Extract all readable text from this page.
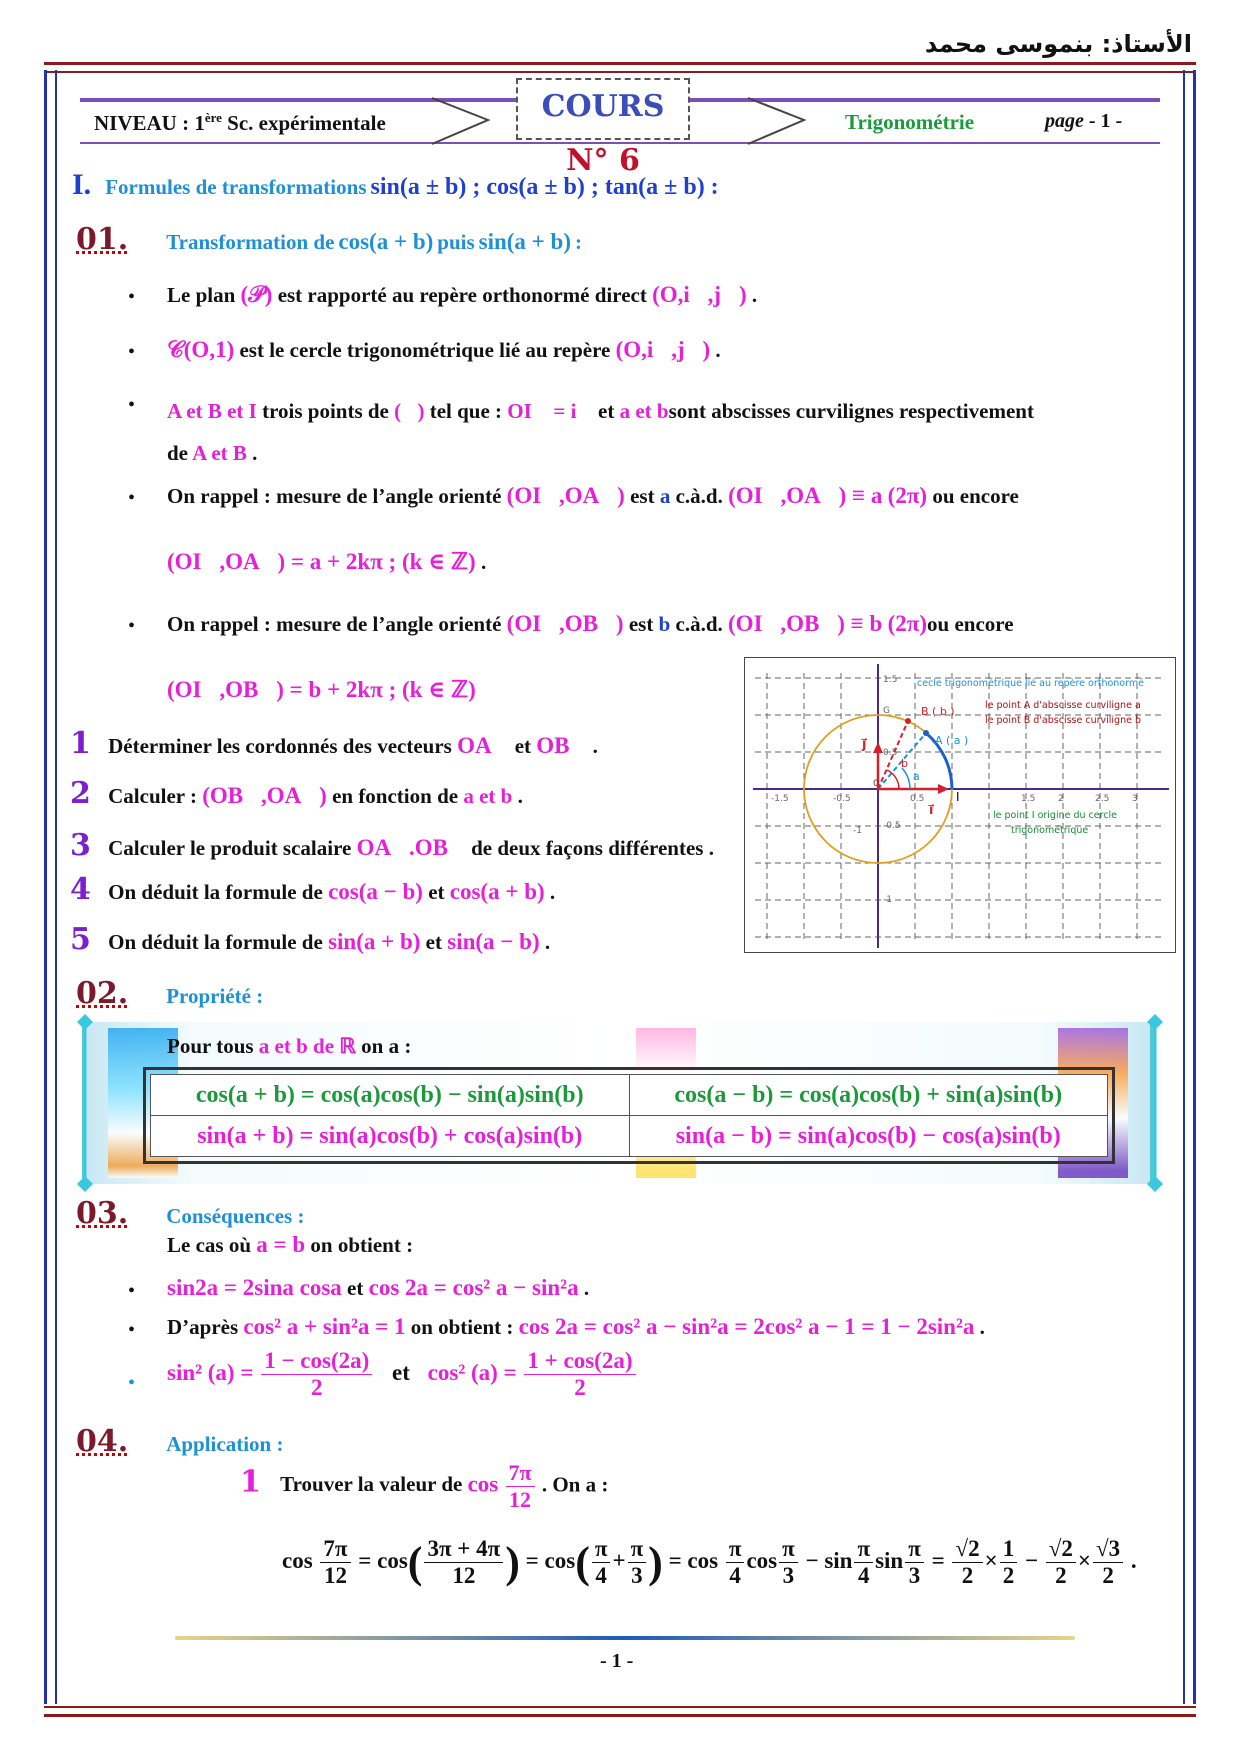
الأستاذ: بنموسى محمد
NIVEAU : 1ère Sc. expérimentale	COURS N° 6
Trigonométrie	page - 1 -
I. Formules de transformations sin(a ± b) ; cos(a ± b) ; tan(a ± b) :
01. Transformation de cos(a + b) puis sin(a + b) :
• Le plan (𝒫) est rapporté au repère orthonormé direct (O,i⃗,j⃗) .
• 𝒞(O,1) est le cercle trigonométrique lié au repère (O,i⃗,j⃗) .
• A et B et I trois points de (𝒫) tel que : OI⃗ = i⃗ et a et bsont abscisses curvilignes respectivement
de A et B .
• On rappel : mesure de l’angle orienté (OI⃗,OA⃗) est a c.à.d. (OI⃗,OA⃗) ≡ a (2π) ou encore
(OI⃗,OA⃗) = a + 2kπ ; (k ∈ ℤ) .
• On rappel : mesure de l’angle orienté (OI⃗,OB⃗) est b c.à.d. (OI⃗,OB⃗) ≡ b (2π)ou encore
(OI⃗,OB⃗) = b + 2kπ ; (k ∈ ℤ)
1 Déterminer les cordonnés des vecteurs OA⃗ et OB⃗ .
2 Calculer : (OB⃗,OA⃗) en fonction de a et b .
3 Calculer le produit scalaire OA⃗.OB⃗ de deux façons différentes .
4 On déduit la formule de cos(a − b) et cos(a + b) .
5 On déduit la formule de sin(a + b) et sin(a − b) .
-1
-1.5	-0.5	0.5	1.5	2	2.5	3
1.5
0.5
-0.5
-1
G
0
I
B ( b )
A ( a )
a
b
i⃗
j⃗
cecle trigonométrique lié au repère orthonormé
le point A d'abscisse curviligne a
le point B d'abscisse curviligne b
le point I origine du cercle
trigonométrique
02. Propriété :
Pour tous a et b de ℝ on a :
cos(a + b) = cos(a)cos(b) − sin(a)sin(b)	cos(a − b) = cos(a)cos(b) + sin(a)sin(b)
sin(a + b) = sin(a)cos(b) + cos(a)sin(b)	sin(a − b) = sin(a)cos(b) − cos(a)sin(b)
03. Conséquences :
Le cas où a = b on obtient :
• sin2a = 2sina cosa et cos 2a = cos² a − sin²a .
• D’après cos² a + sin²a = 1 on obtient : cos 2a = cos² a − sin²a = 2cos² a − 1 = 1 − 2sin²a .
• sin² $(a) = \frac{1 - \cos(2a)}{2}$ et cos² $(a) = \frac{1 + \cos(2a)}{2}$
04. Application :
1 Trouver la valeur de $\cos \frac{7\pi}{12}$ . On a :
$\cos \frac{7\pi}{12} = \cos( \frac{3\pi + 4\pi}{12}$ ) = $\cos( \frac{\pi}{4} + \frac{\pi}{3}$ ) = $\cos \frac{\pi}{4}$ $\cos \frac{\pi}{3} - \sin \frac{\pi}{4}$ $\sin \frac{\pi}{3} = \frac{√2}{2} \times \frac{1}{2} - \frac{√2}{2} \times \frac{√3}{2}$ .
- 1 -
